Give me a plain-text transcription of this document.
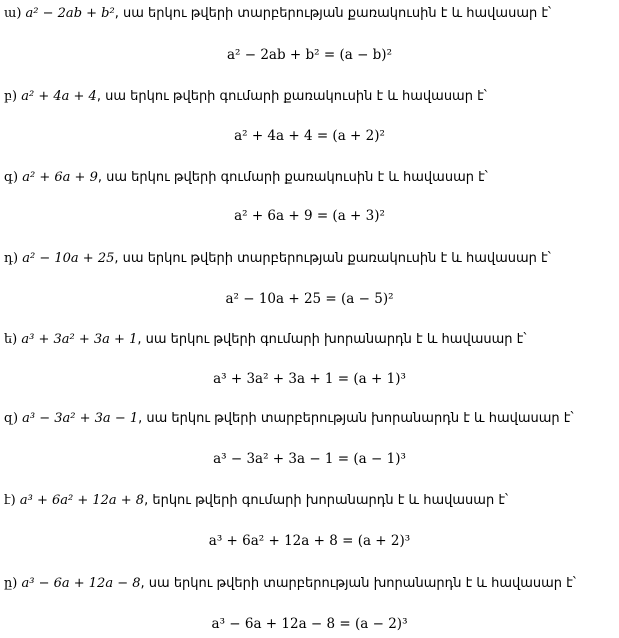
ա) a² − 2ab + b², սա երկու թվերի տարբերության քառակուսին է և հավասար է՝
a² − 2ab + b² = (a − b)²
բ) a² + 4a + 4, սա երկու թվերի գումարի քառակուսին է և հավասար է՝
a² + 4a + 4 = (a + 2)²
գ) a² + 6a + 9, սա երկու թվերի գումարի քառակուսին է և հավասար է՝
a² + 6a + 9 = (a + 3)²
դ) a² − 10a + 25, սա երկու թվերի տարբերության քառակուսին է և հավասար է՝
a² − 10a + 25 = (a − 5)²
ե) a³ + 3a² + 3a + 1, սա երկու թվերի գումարի խորանարդն է և հավասար է՝
a³ + 3a² + 3a + 1 = (a + 1)³
զ) a³ − 3a² + 3a − 1, սա երկու թվերի տարբերության խորանարդն է և հավասար է՝
a³ − 3a² + 3a − 1 = (a − 1)³
է) a³ + 6a² + 12a + 8, երկու թվերի գումարի խորանարդն է և հավասար է՝
a³ + 6a² + 12a + 8 = (a + 2)³
ը) a³ − 6a + 12a − 8, սա երկու թվերի տարբերության խորանարդն է և հավասար է՝
a³ − 6a + 12a − 8 = (a − 2)³
